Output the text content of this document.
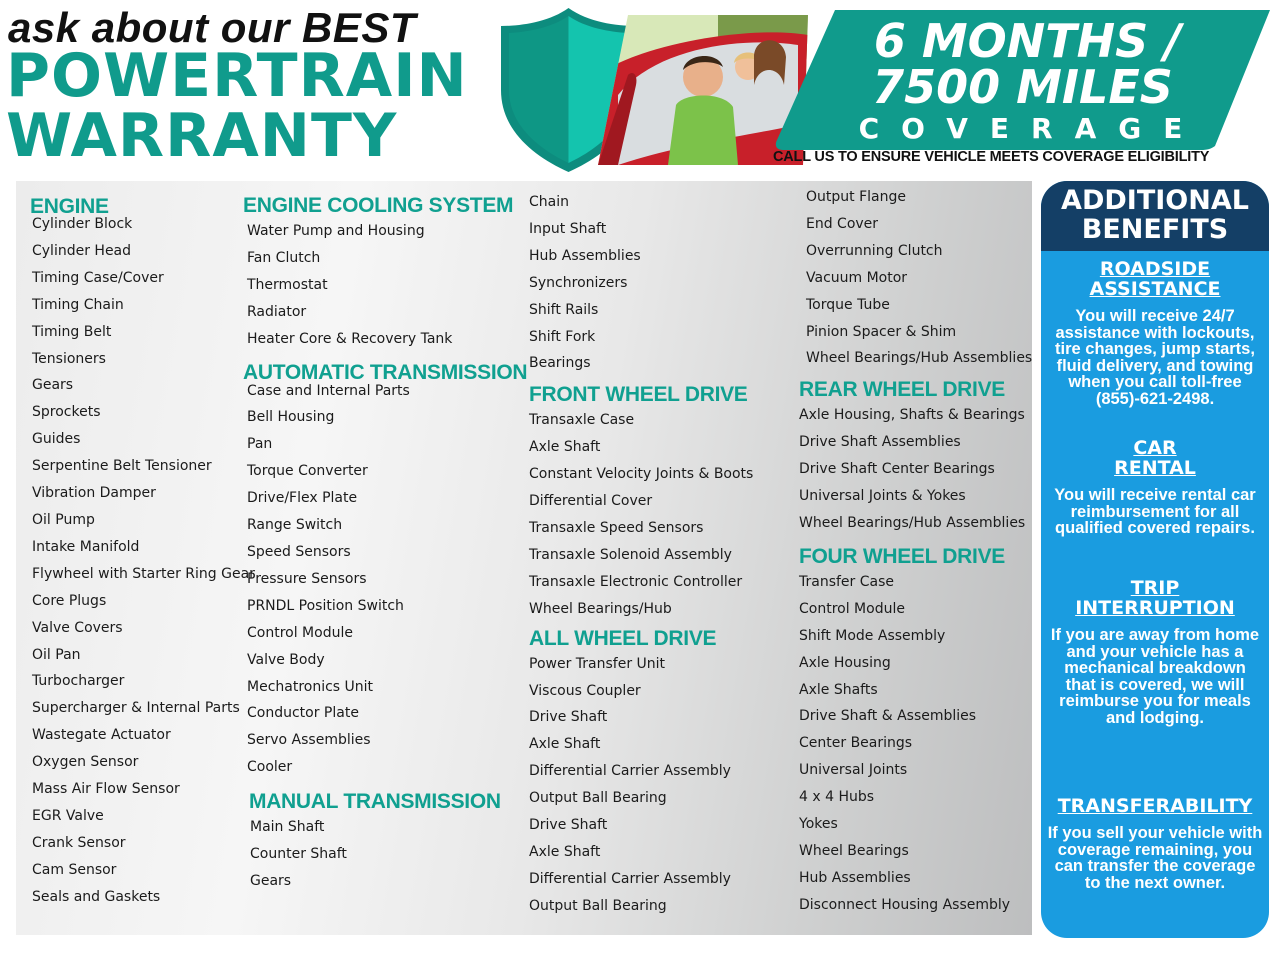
ask about our BEST
POWERTRAIN
WARRANTY
6 MONTHS /
7500 MILES
COVERAGE
CALL US TO ENSURE VEHICLE MEETS COVERAGE ELIGIBILITY
ENGINE
Cylinder Block
Cylinder Head
Timing Case/Cover
Timing Chain
Timing Belt
Tensioners
Gears
Sprockets
Guides
Serpentine Belt Tensioner
Vibration Damper
Oil Pump
Intake Manifold
Flywheel with Starter Ring Gear
Core Plugs
Valve Covers
Oil Pan
Turbocharger
Supercharger & Internal Parts
Wastegate Actuator
Oxygen Sensor
Mass Air Flow Sensor
EGR Valve
Crank Sensor
Cam Sensor
Seals and Gaskets
ENGINE COOLING SYSTEM
Water Pump and Housing
Fan Clutch
Thermostat
Radiator
Heater Core & Recovery Tank
AUTOMATIC TRANSMISSION
Case and Internal Parts
Bell Housing
Pan
Torque Converter
Drive/Flex Plate
Range Switch
Speed Sensors
Pressure Sensors
PRNDL Position Switch
Control Module
Valve Body
Mechatronics Unit
Conductor Plate
Servo Assemblies
Cooler
MANUAL TRANSMISSION
Main Shaft
Counter Shaft
Gears
Chain
Input Shaft
Hub Assemblies
Synchronizers
Shift Rails
Shift Fork
Bearings
FRONT WHEEL DRIVE
Transaxle Case
Axle Shaft
Constant Velocity Joints & Boots
Differential Cover
Transaxle Speed Sensors
Transaxle Solenoid Assembly
Transaxle Electronic Controller
Wheel Bearings/Hub
ALL WHEEL DRIVE
Power Transfer Unit
Viscous Coupler
Drive Shaft
Axle Shaft
Differential Carrier Assembly
Output Ball Bearing
Drive Shaft
Axle Shaft
Differential Carrier Assembly
Output Ball Bearing
Output Flange
End Cover
Overrunning Clutch
Vacuum Motor
Torque Tube
Pinion Spacer & Shim
Wheel Bearings/Hub Assemblies
REAR WHEEL DRIVE
Axle Housing, Shafts & Bearings
Drive Shaft Assemblies
Drive Shaft Center Bearings
Universal Joints & Yokes
Wheel Bearings/Hub Assemblies
FOUR WHEEL DRIVE
Transfer Case
Control Module
Shift Mode Assembly
Axle Housing
Axle Shafts
Drive Shaft & Assemblies
Center Bearings
Universal Joints
4 x 4 Hubs
Yokes
Wheel Bearings
Hub Assemblies
Disconnect Housing Assembly
ADDITIONAL
BENEFITS
ROADSIDE
ASSISTANCE
You will receive 24/7 assistance with lockouts, tire changes, jump starts, fluid delivery, and towing when you call toll-free (855)-621-2498.
CAR
RENTAL
You will receive rental car reimbursement for all qualified covered repairs.
TRIP
INTERRUPTION
If you are away from home and your vehicle has a mechanical breakdown that is covered, we will reimburse you for meals and lodging.
TRANSFERABILITY
If you sell your vehicle with coverage remaining, you can transfer the coverage to the next owner.
